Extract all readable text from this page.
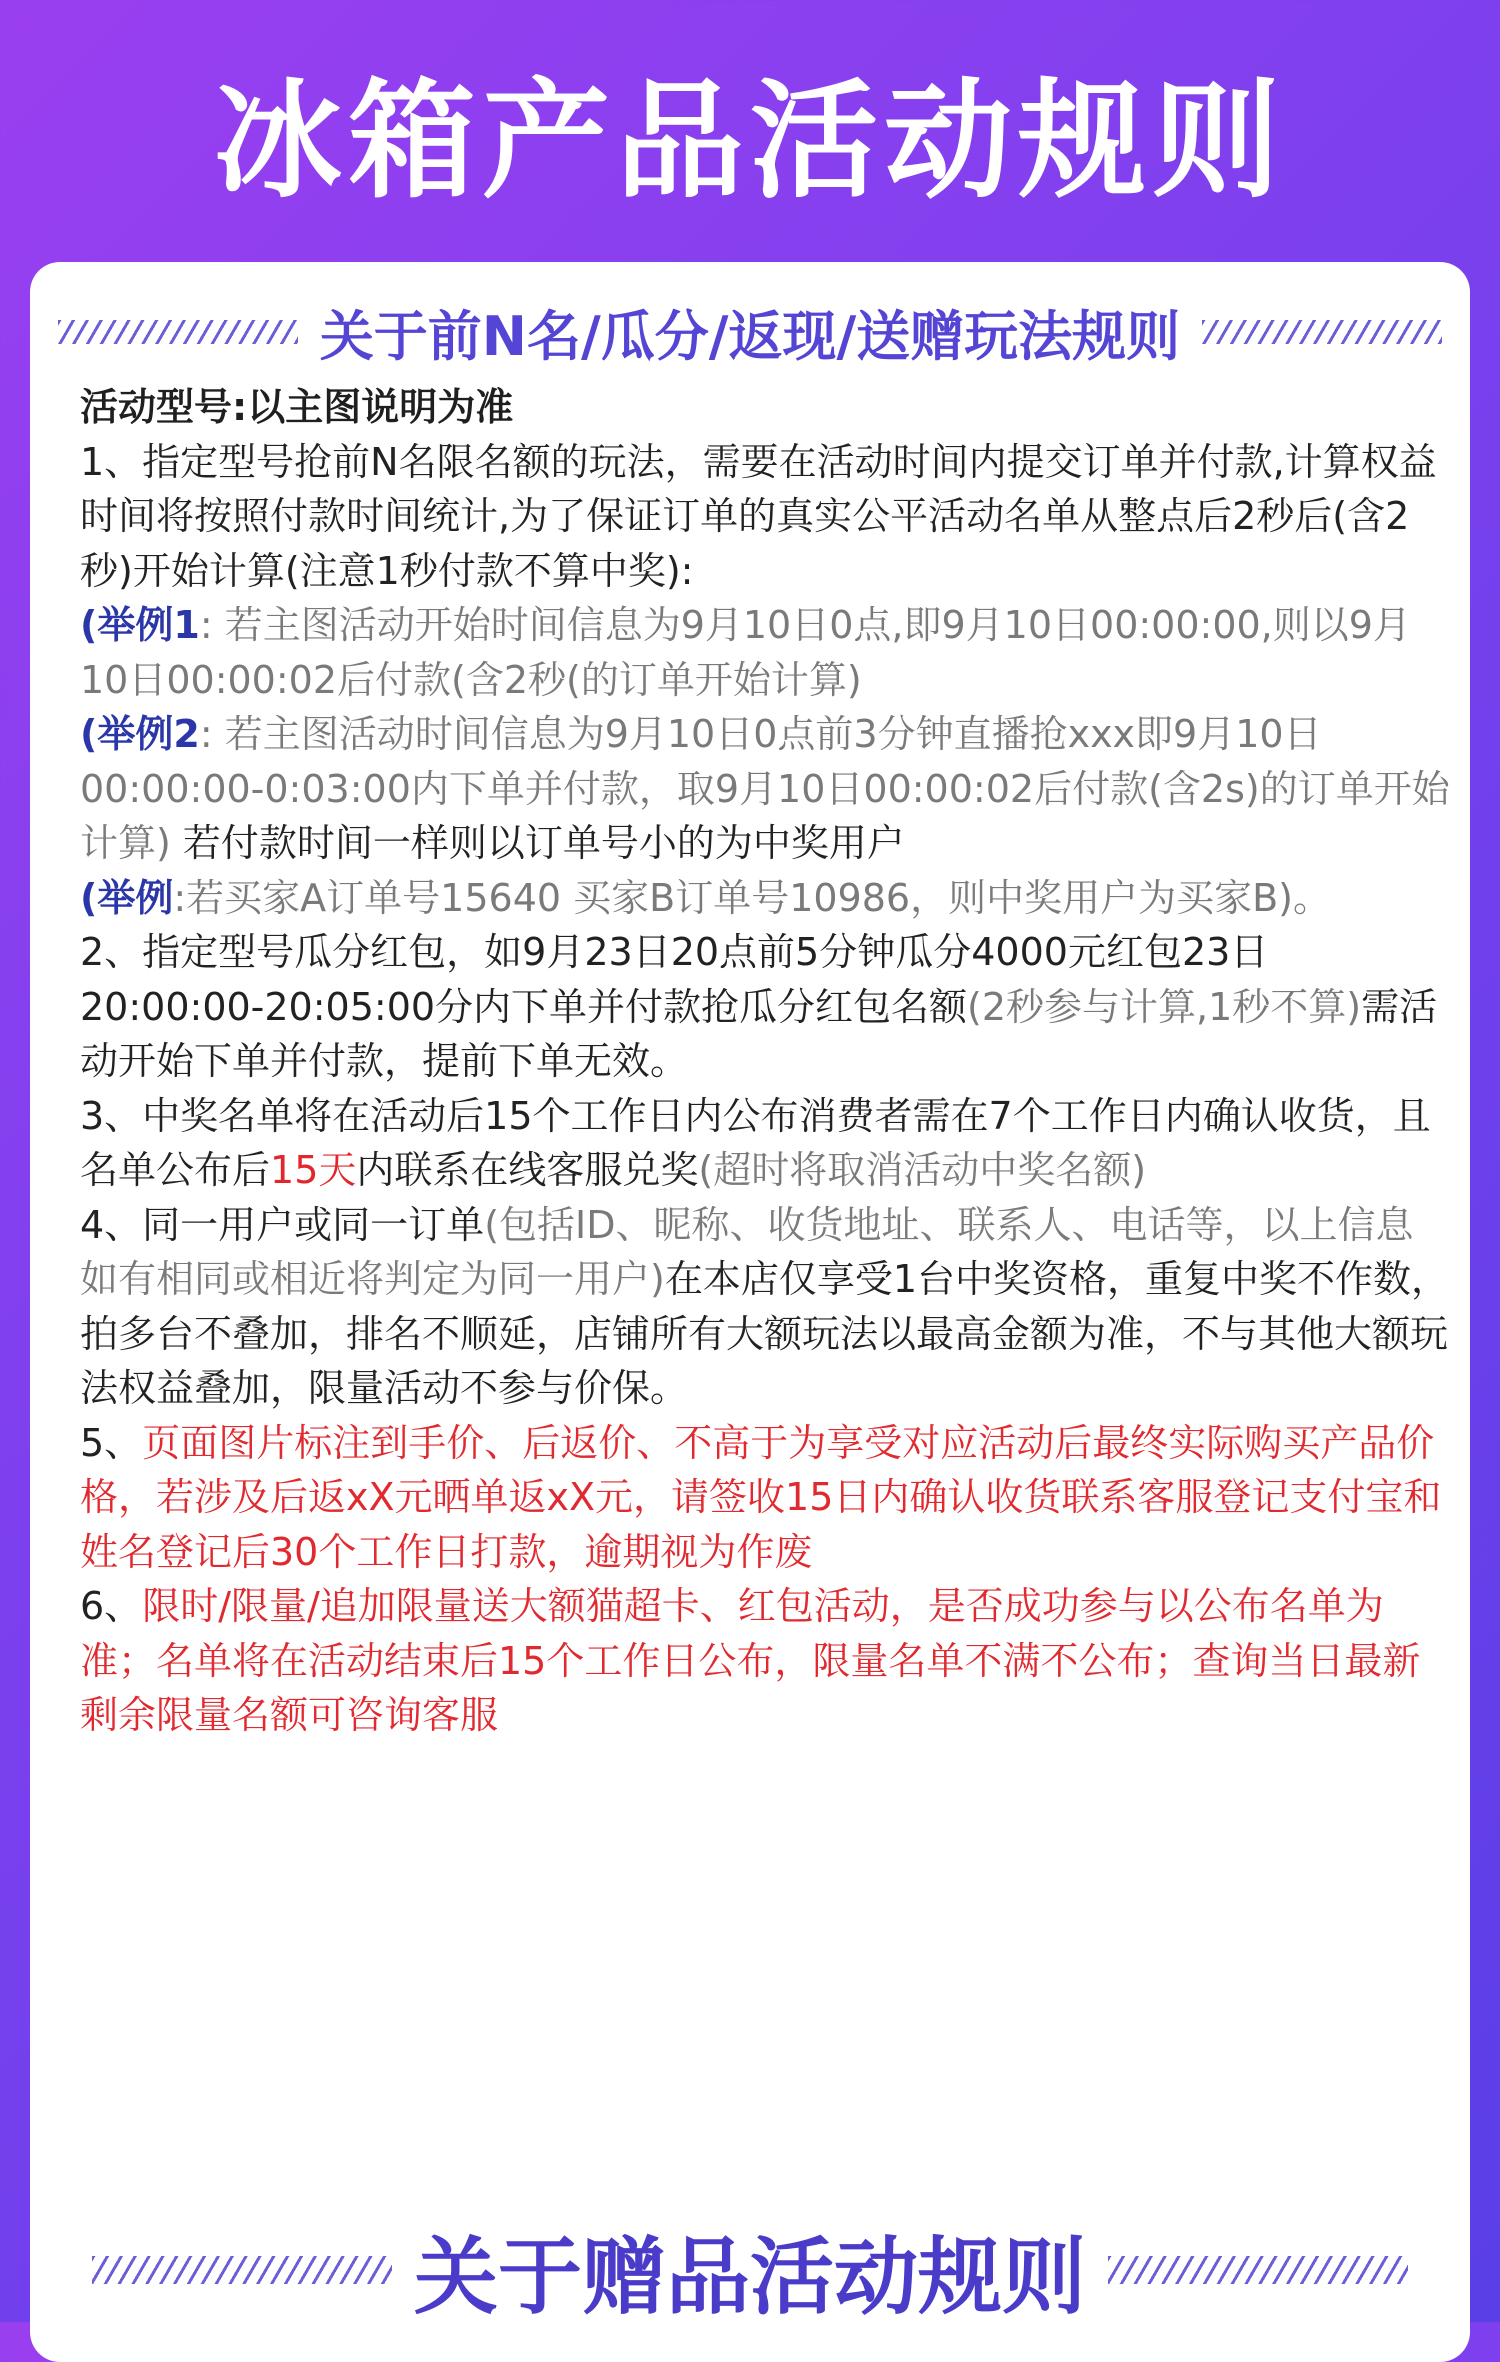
冰箱产品活动规则
关于前N名/瓜分/返现/送赠玩法规则

活动型号:以主图说明为准

1、指定型号抢前N名限名额的玩法，需要在活动时间内提交订单并付款,计算权益时间将按照付款时间统计,为了保证订单的真实公平活动名单从整点后2秒后(含2秒)开始计算(注意1秒付款不算中奖):

(举例1: 若主图活动开始时间信息为9月10日0点,即9月10日00:00:00,则以9月10日00:00:02后付款(含2秒(的订单开始计算)

(举例2: 若主图活动时间信息为9月10日0点前3分钟直播抢xxx即9月10日00:00:00-0:03:00内下单并付款，取9月10日00:00:02后付款(含2s)的订单开始计算) 若付款时间一样则以订单号小的为中奖用户

(举例:若买家A订单号15640 买家B订单号10986，则中奖用户为买家B)。

2、指定型号瓜分红包，如9月23日20点前5分钟瓜分4000元红包23日20:00:00-20:05:00分内下单并付款抢瓜分红包名额(2秒参与计算,1秒不算)需活动开始下单并付款，提前下单无效。

3、中奖名单将在活动后15个工作日内公布消费者需在7个工作日内确认收货，且名单公布后15天内联系在线客服兑奖(超时将取消活动中奖名额)

4、同一用户或同一订单(包括ID、昵称、收货地址、联系人、电话等，以上信息如有相同或相近将判定为同一用户)在本店仅享受1台中奖资格，重复中奖不作数，拍多台不叠加，排名不顺延，店铺所有大额玩法以最高金额为准，不与其他大额玩法权益叠加，限量活动不参与价保。

5、页面图片标注到手价、后返价、不高于为享受对应活动后最终实际购买产品价格，若涉及后返xX元晒单返xX元，请签收15日内确认收货联系客服登记支付宝和姓名登记后30个工作日打款，逾期视为作废

6、限时/限量/追加限量送大额猫超卡、红包活动，是否成功参与以公布名单为准；名单将在活动结束后15个工作日公布，限量名单不满不公布；查询当日最新剩余限量名额可咨询客服

关于赠品活动规则
